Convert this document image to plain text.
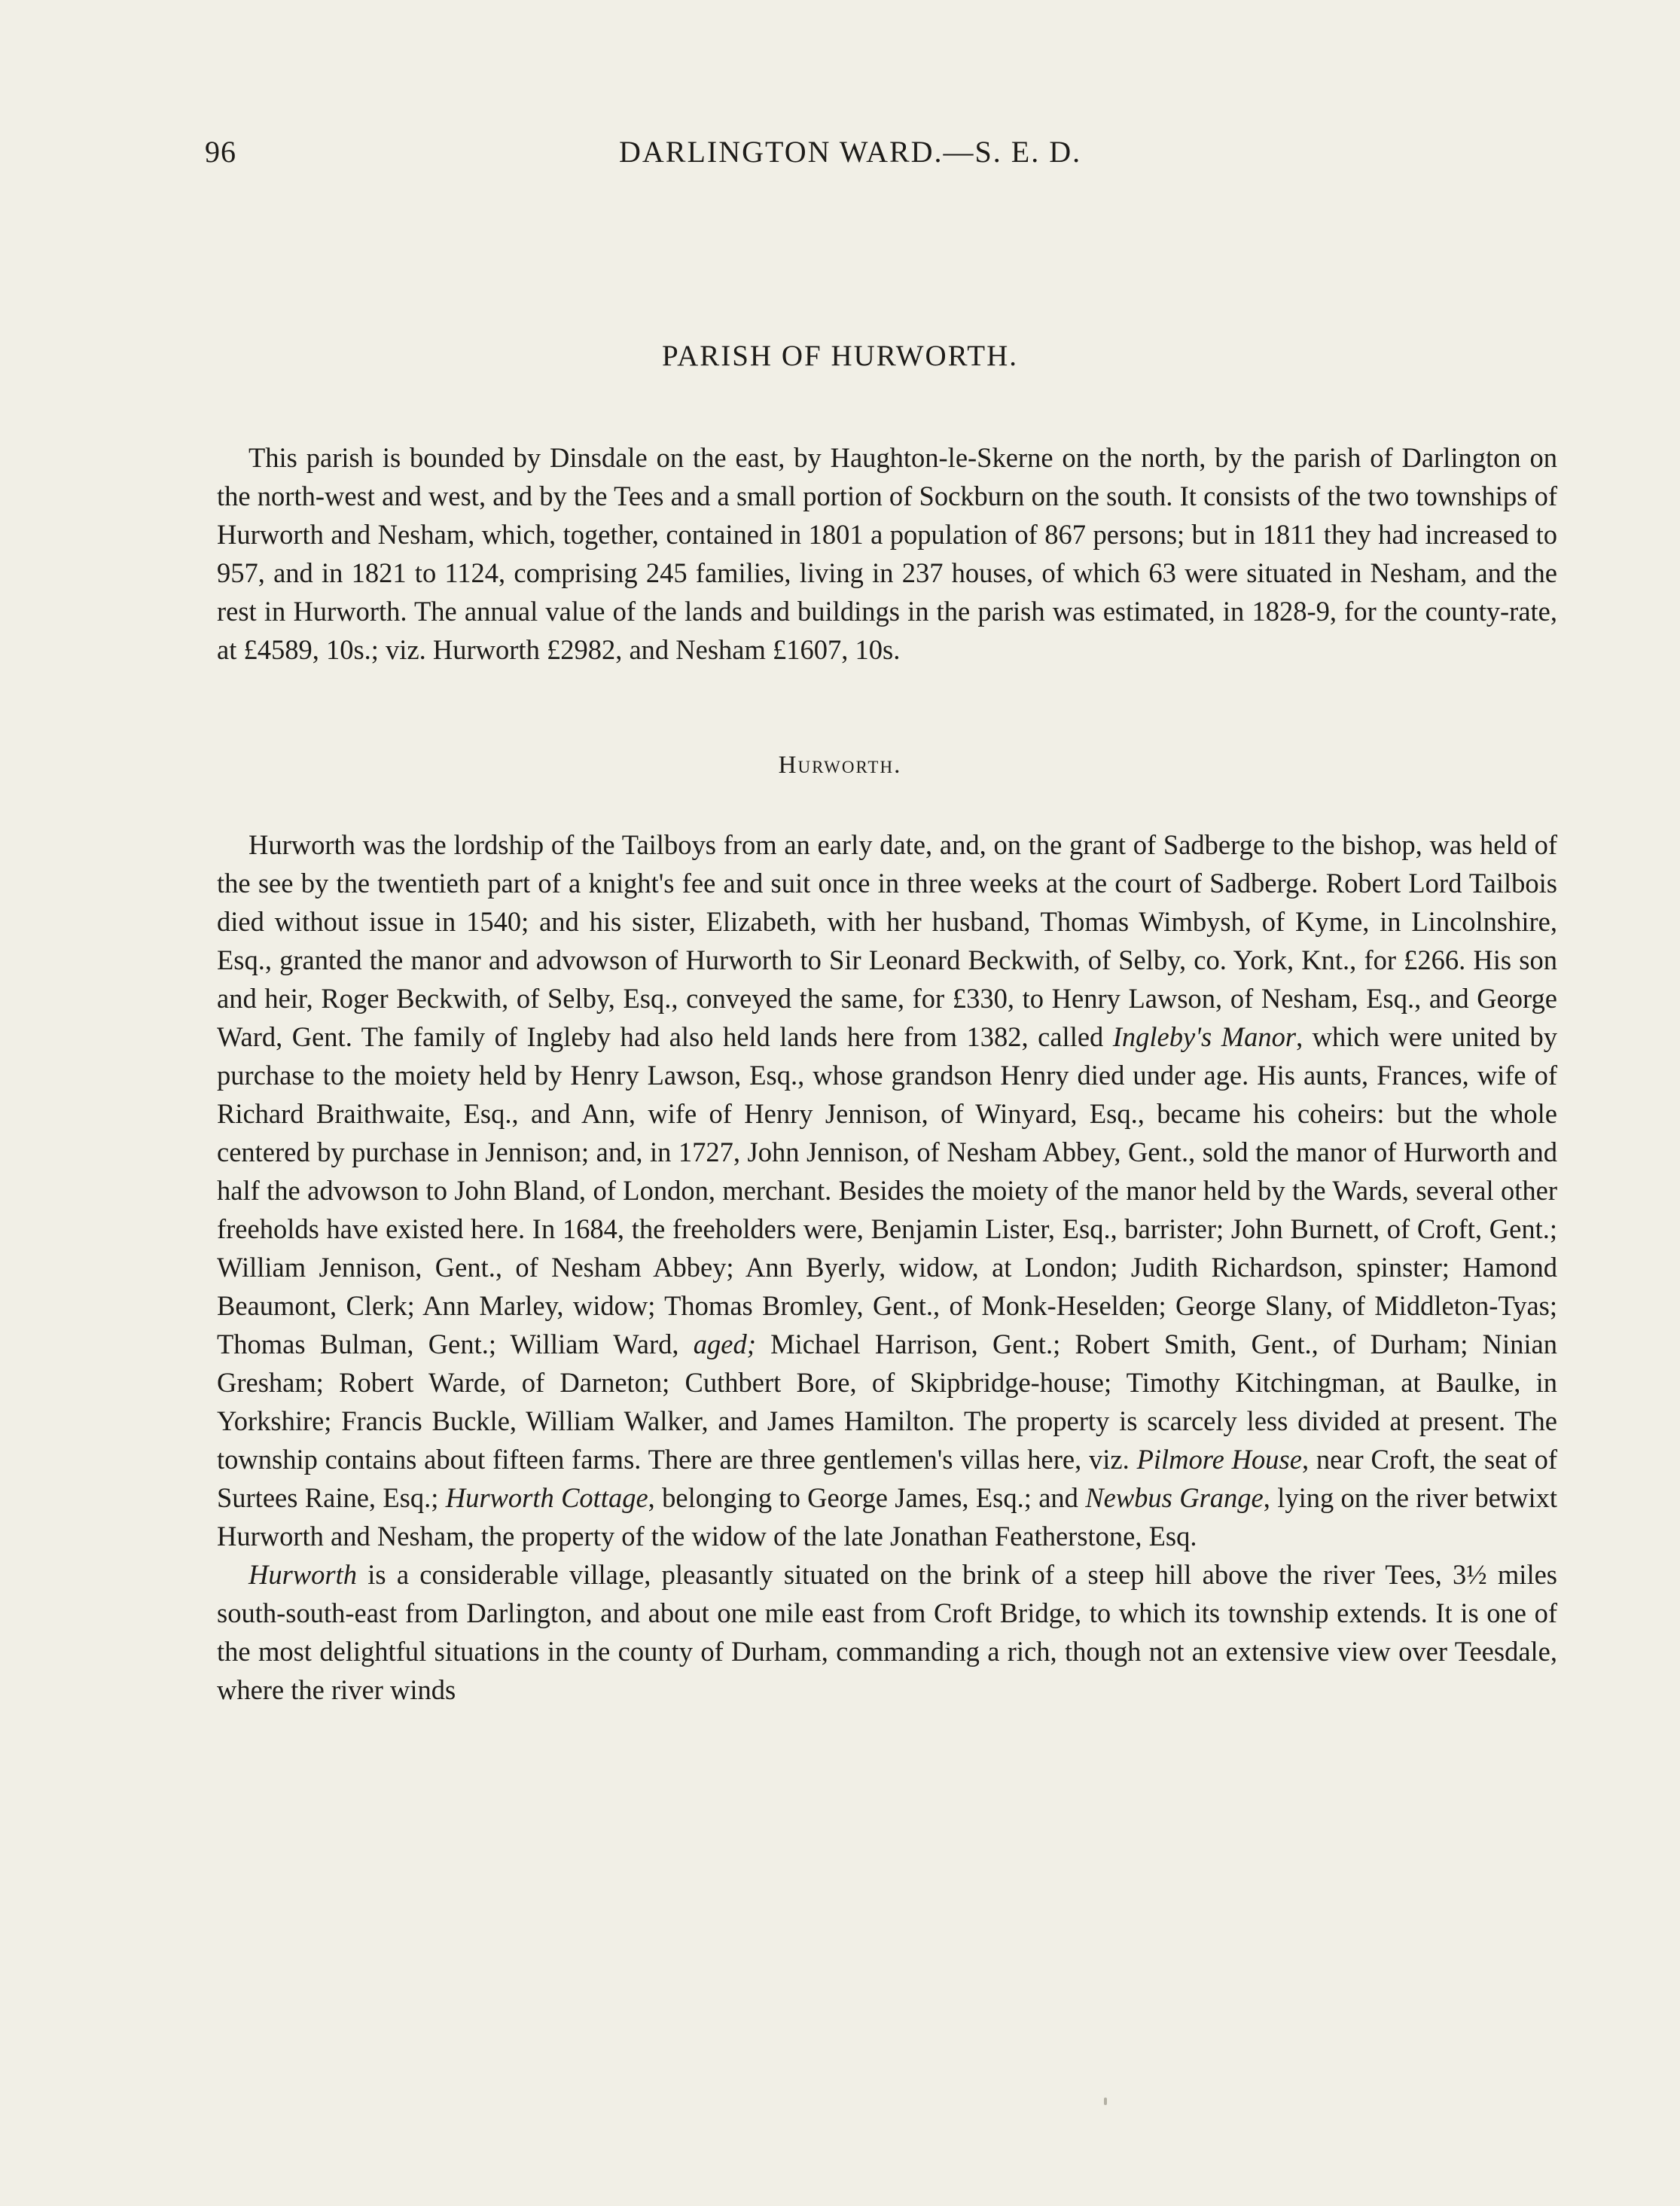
96	DARLINGTON WARD.—S. E. D.
PARISH OF HURWORTH.

This parish is bounded by Dinsdale on the east, by Haughton-le-Skerne on the north, by the parish of Darlington on the north-west and west, and by the Tees and a small portion of Sockburn on the south. It consists of the two townships of Hurworth and Nesham, which, together, contained in 1801 a population of 867 persons; but in 1811 they had increased to 957, and in 1821 to 1124, comprising 245 families, living in 237 houses, of which 63 were situated in Nesham, and the rest in Hurworth. The annual value of the lands and buildings in the parish was estimated, in 1828-9, for the county-rate, at £4589, 10s.; viz. Hurworth £2982, and Nesham £1607, 10s.

Hurworth.

Hurworth was the lordship of the Tailboys from an early date, and, on the grant of Sadberge to the bishop, was held of the see by the twentieth part of a knight's fee and suit once in three weeks at the court of Sadberge. Robert Lord Tailbois died without issue in 1540; and his sister, Elizabeth, with her husband, Thomas Wimbysh, of Kyme, in Lincolnshire, Esq., granted the manor and advowson of Hurworth to Sir Leonard Beckwith, of Selby, co. York, Knt., for £266. His son and heir, Roger Beckwith, of Selby, Esq., conveyed the same, for £330, to Henry Lawson, of Nesham, Esq., and George Ward, Gent. The family of Ingleby had also held lands here from 1382, called Ingleby's Manor, which were united by purchase to the moiety held by Henry Lawson, Esq., whose grandson Henry died under age. His aunts, Frances, wife of Richard Braithwaite, Esq., and Ann, wife of Henry Jennison, of Winyard, Esq., became his coheirs: but the whole centered by purchase in Jennison; and, in 1727, John Jennison, of Nesham Abbey, Gent., sold the manor of Hurworth and half the advowson to John Bland, of London, merchant. Besides the moiety of the manor held by the Wards, several other freeholds have existed here. In 1684, the freeholders were, Benjamin Lister, Esq., barrister; John Burnett, of Croft, Gent.; William Jennison, Gent., of Nesham Abbey; Ann Byerly, widow, at London; Judith Richardson, spinster; Hamond Beaumont, Clerk; Ann Marley, widow; Thomas Bromley, Gent., of Monk-Heselden; George Slany, of Middleton-Tyas; Thomas Bulman, Gent.; William Ward, aged; Michael Harrison, Gent.; Robert Smith, Gent., of Durham; Ninian Gresham; Robert Warde, of Darneton; Cuthbert Bore, of Skipbridge-house; Timothy Kitchingman, at Baulke, in Yorkshire; Francis Buckle, William Walker, and James Hamilton. The property is scarcely less divided at present. The township contains about fifteen farms. There are three gentlemen's villas here, viz. Pilmore House, near Croft, the seat of Surtees Raine, Esq.; Hurworth Cottage, belonging to George James, Esq.; and Newbus Grange, lying on the river betwixt Hurworth and Nesham, the property of the widow of the late Jonathan Featherstone, Esq.

Hurworth is a considerable village, pleasantly situated on the brink of a steep hill above the river Tees, 3½ miles south-south-east from Darlington, and about one mile east from Croft Bridge, to which its township extends. It is one of the most delightful situations in the county of Durham, commanding a rich, though not an extensive view over Teesdale, where the river winds
